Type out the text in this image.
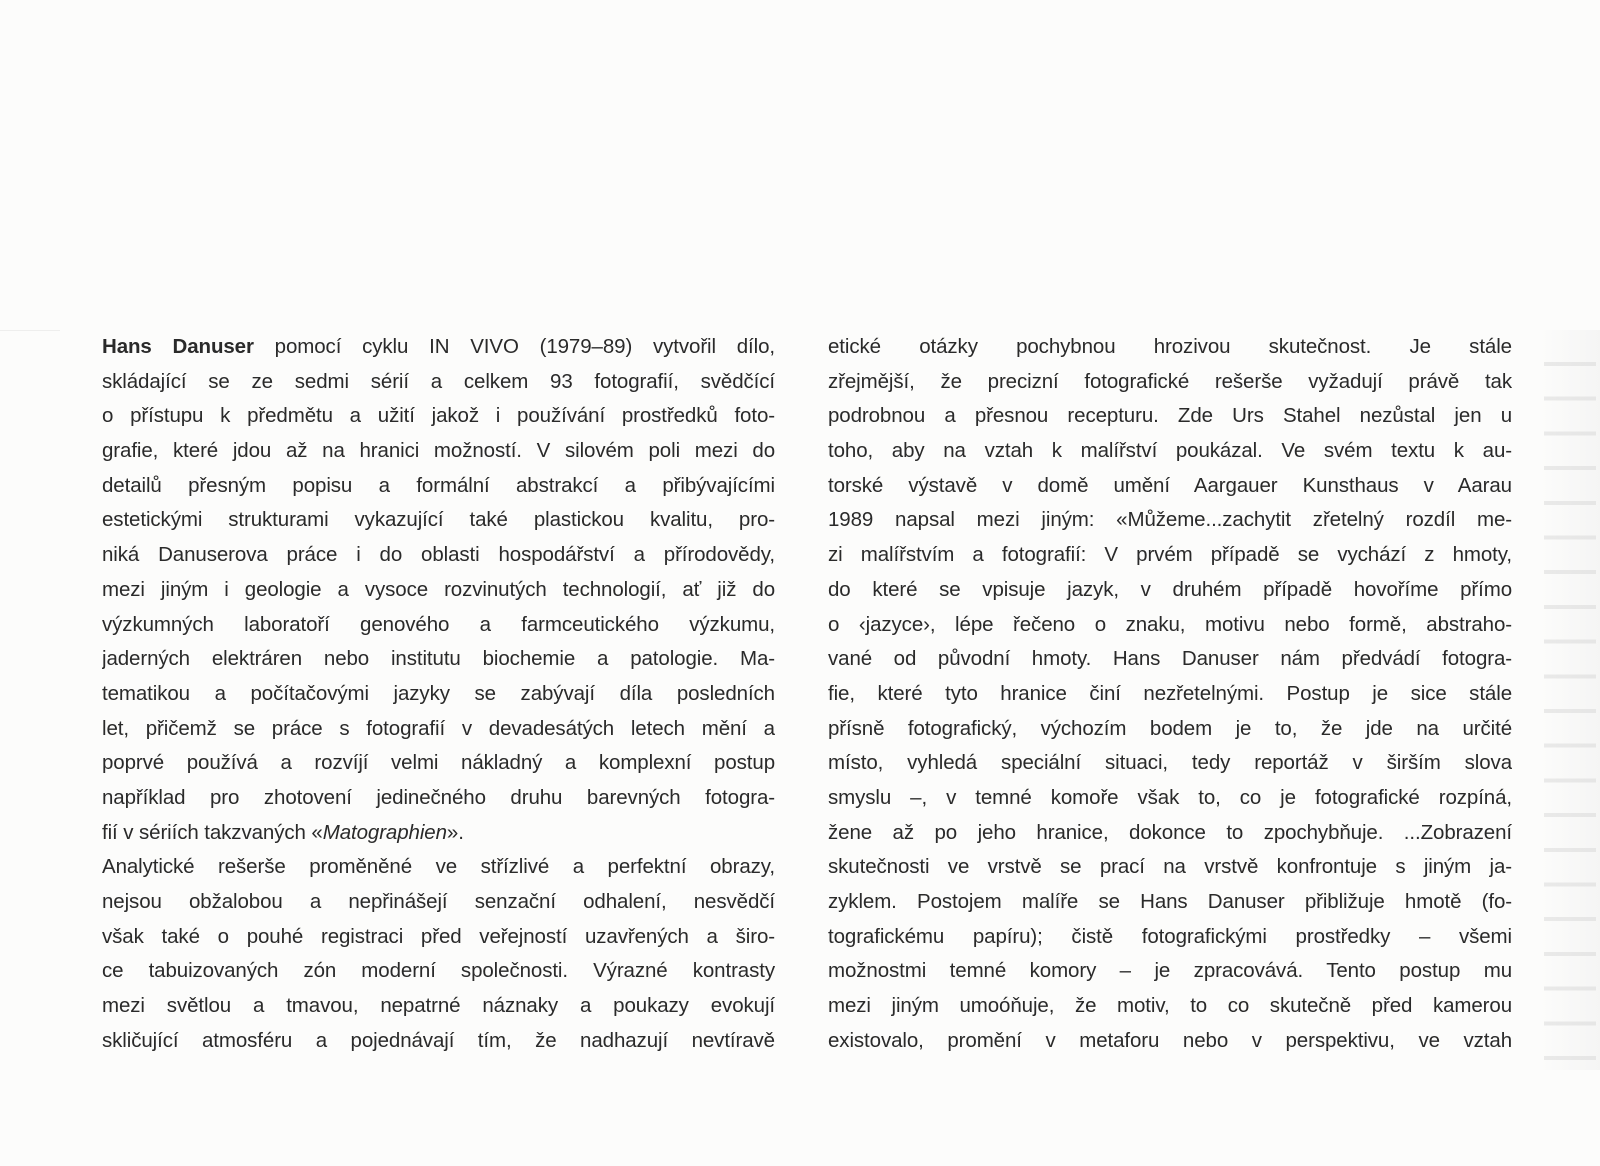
Hans Danuser pomocí cyklu IN VIVO (1979–89) vytvořil dílo,
skládající se ze sedmi sérií a celkem 93 fotografií, svědčící
o přístupu k předmětu a užití jakož i používání prostředků foto-
grafie, které jdou až na hranici možností. V silovém poli mezi do
detailů přesným popisu a formální abstrakcí a přibývajícími
estetickými strukturami vykazující také plastickou kvalitu, pro-
niká Danuserova práce i do oblasti hospodářství a přírodovědy,
mezi jiným i geologie a vysoce rozvinutých technologií, ať již do
výzkumných laboratoří genového a farmceutického výzkumu,
jaderných elektráren nebo institutu biochemie a patologie. Ma-
tematikou a počítačovými jazyky se zabývají díla posledních
let, přičemž se práce s fotografií v devadesátých letech mění a
poprvé používá a rozvíjí velmi nákladný a komplexní postup
například pro zhotovení jedinečného druhu barevných fotogra-
fií v sériích takzvaných «Matographien».
Analytické rešerše proměněné ve střízlivé a perfektní obrazy,
nejsou obžalobou a nepřinášejí senzační odhalení, nesvědčí
však také o pouhé registraci před veřejností uzavřených a širo-
ce tabuizovaných zón moderní společnosti. Výrazné kontrasty
mezi světlou a tmavou, nepatrné náznaky a poukazy evokují
skličující atmosféru a pojednávají tím, že nadhazují nevtíravě
etické otázky pochybnou hrozivou skutečnost. Je stále
zřejmější, že precizní fotografické rešerše vyžadují právě tak
podrobnou a přesnou recepturu. Zde Urs Stahel nezůstal jen u
toho, aby na vztah k malířství poukázal. Ve svém textu k au-
torské výstavě v domě umění Aargauer Kunsthaus v Aarau
1989 napsal mezi jiným: «Můžeme...zachytit zřetelný rozdíl me-
zi malířstvím a fotografií: V prvém případě se vychází z hmoty,
do které se vpisuje jazyk, v druhém případě hovoříme přímo
o ‹jazyce›, lépe řečeno o znaku, motivu nebo formě, abstraho-
vané od původní hmoty. Hans Danuser nám předvádí fotogra-
fie, které tyto hranice činí nezřetelnými. Postup je sice stále
přísně fotografický, výchozím bodem je to, že jde na určité
místo, vyhledá speciální situaci, tedy reportáž v širším slova
smyslu –, v temné komoře však to, co je fotografické rozpíná,
žene až po jeho hranice, dokonce to zpochybňuje. ...Zobrazení
skutečnosti ve vrstvě se prací na vrstvě konfrontuje s jiným ja-
zyklem. Postojem malíře se Hans Danuser přibližuje hmotě (fo-
tografickému papíru); čistě fotografickými prostředky – všemi
možnostmi temné komory – je zpracovává. Tento postup mu
mezi jiným umoóňuje, že motiv, to co skutečně před kamerou
existovalo, promění v metaforu nebo v perspektivu, ve vztah
